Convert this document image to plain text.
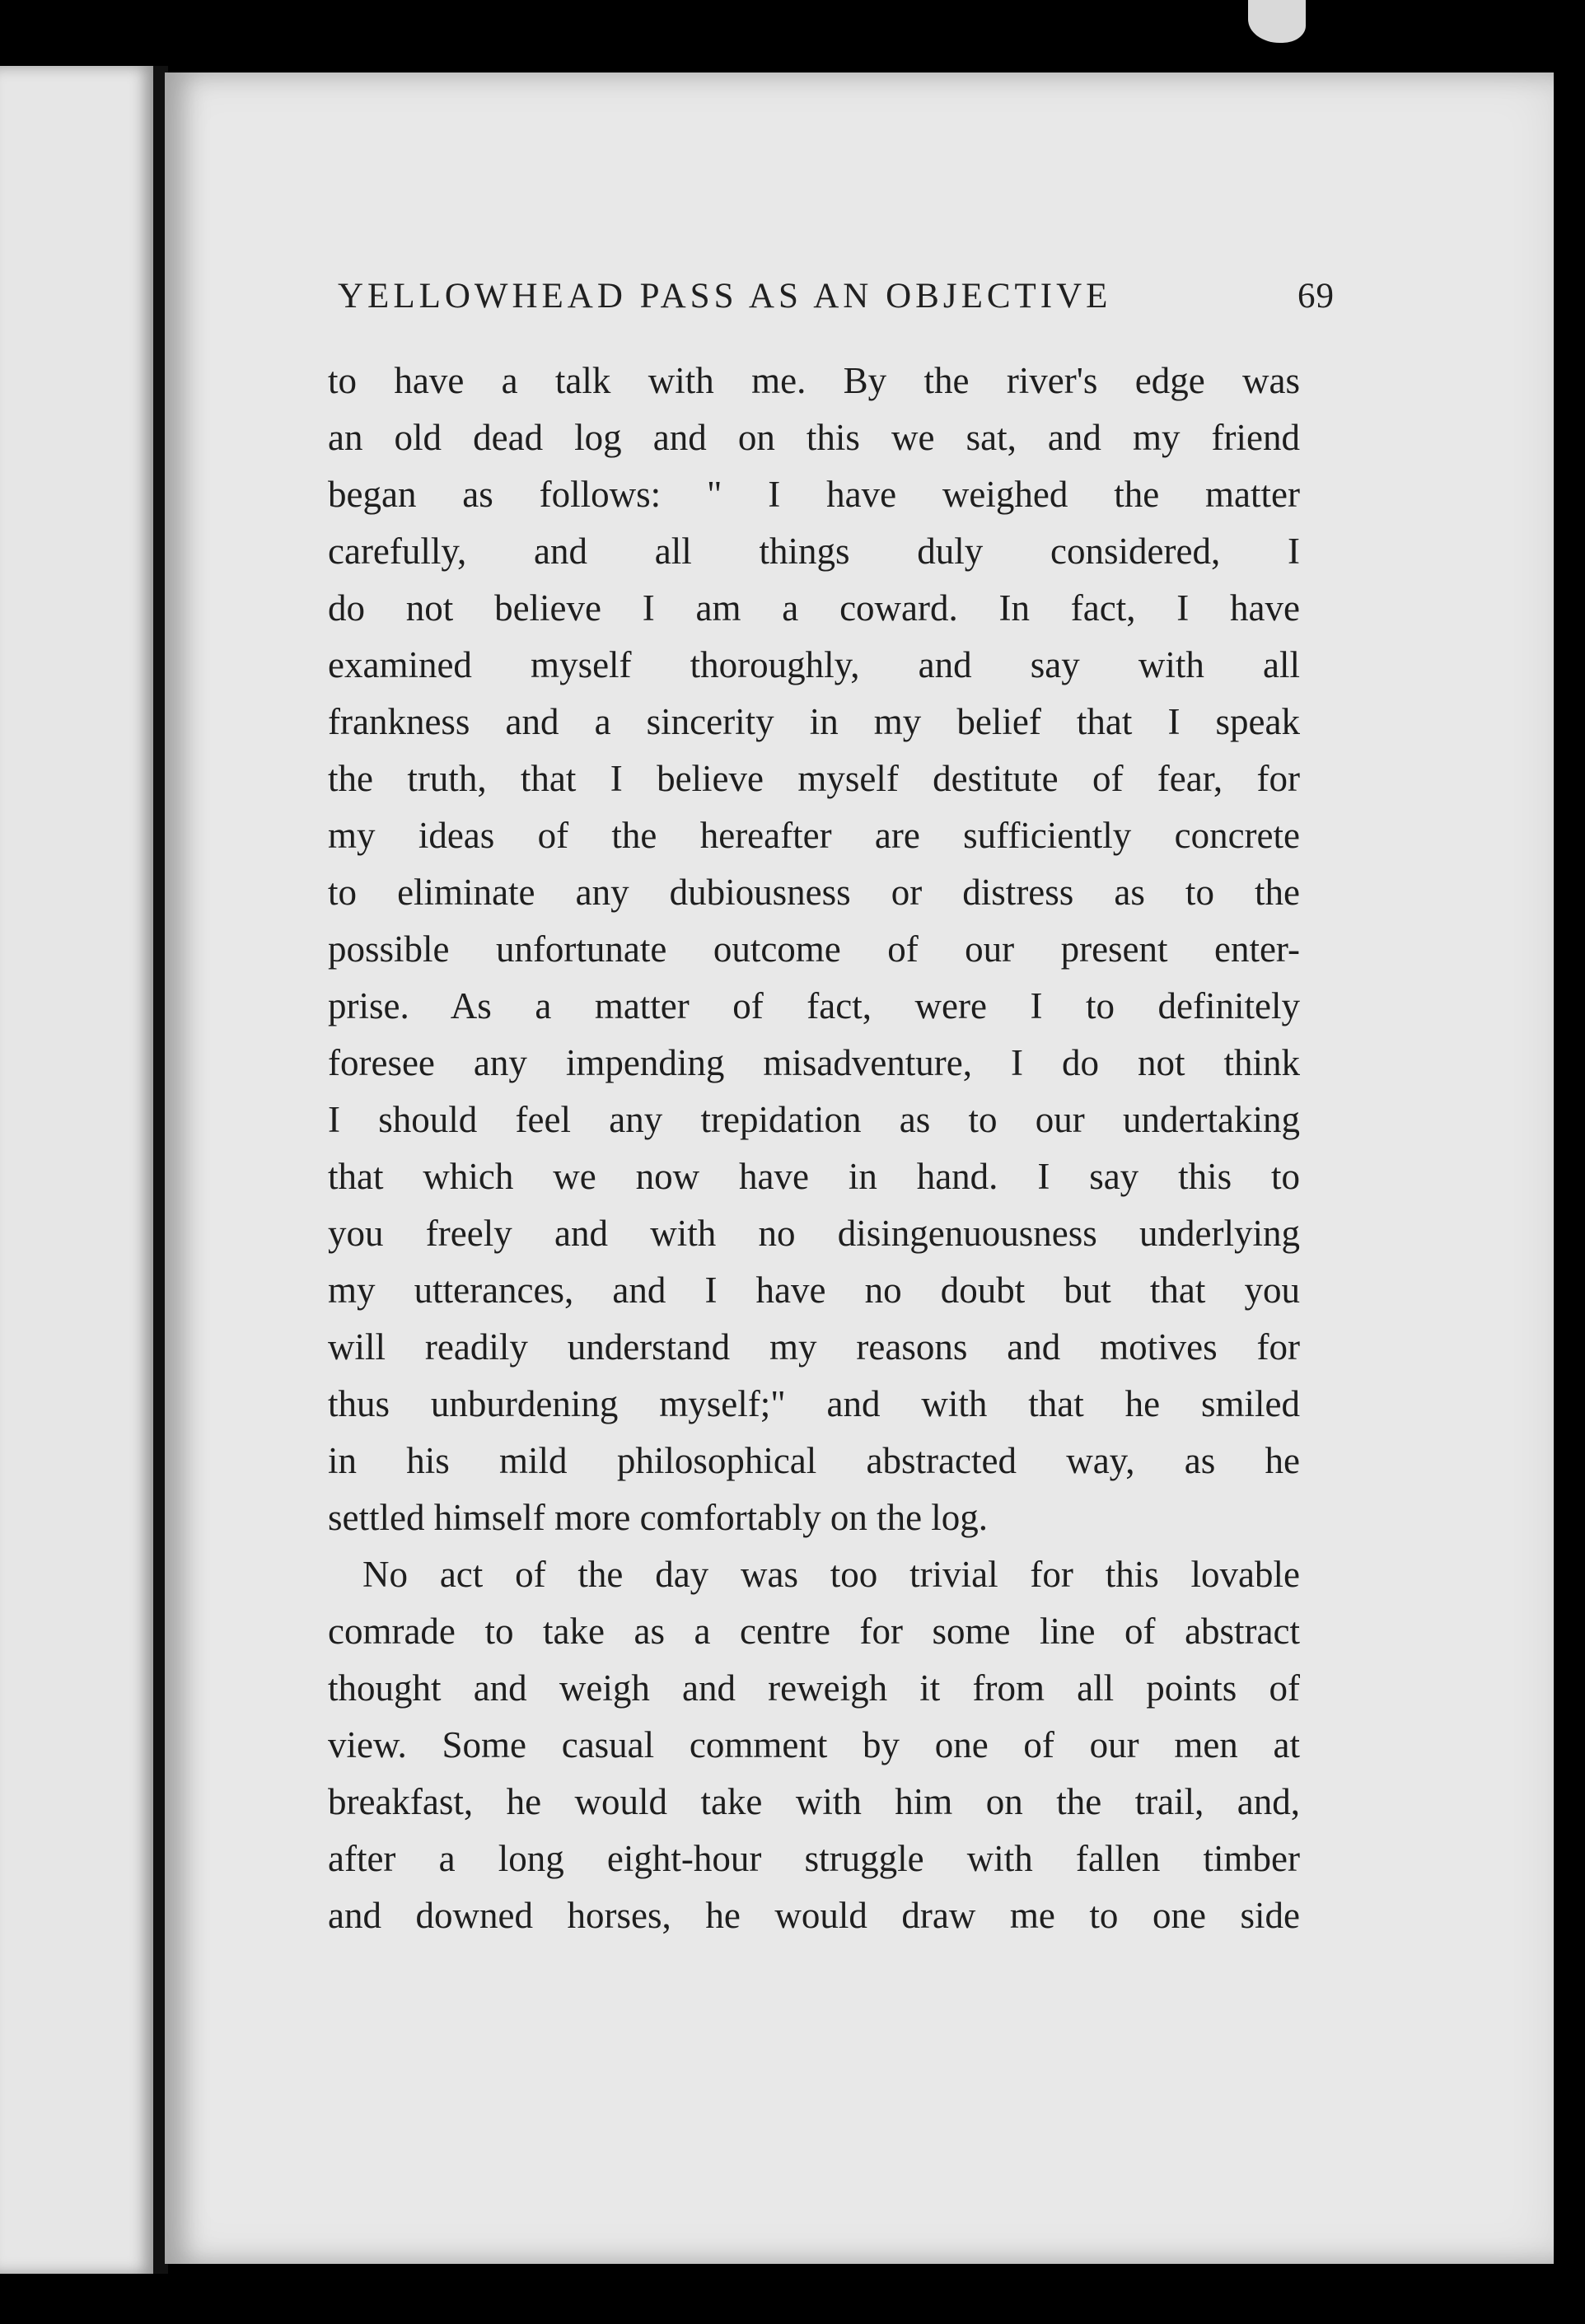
YELLOWHEAD PASS AS AN OBJECTIVE	69
to have a talk with me. By the river's edge was
an old dead log and on this we sat, and my friend
began as follows: " I have weighed the matter
carefully, and all things duly considered, I
do not believe I am a coward. In fact, I have
examined myself thoroughly, and say with all
frankness and a sincerity in my belief that I speak
the truth, that I believe myself destitute of fear, for
my ideas of the hereafter are sufficiently concrete
to eliminate any dubiousness or distress as to the
possible unfortunate outcome of our present enter-
prise. As a matter of fact, were I to definitely
foresee any impending misadventure, I do not think
I should feel any trepidation as to our undertaking
that which we now have in hand. I say this to
you freely and with no disingenuousness underlying
my utterances, and I have no doubt but that you
will readily understand my reasons and motives for
thus unburdening myself;" and with that he smiled
in his mild philosophical abstracted way, as he
settled himself more comfortably on the log.
No act of the day was too trivial for this lovable
comrade to take as a centre for some line of abstract
thought and weigh and reweigh it from all points of
view. Some casual comment by one of our men at
breakfast, he would take with him on the trail, and,
after a long eight-hour struggle with fallen timber
and downed horses, he would draw me to one side
